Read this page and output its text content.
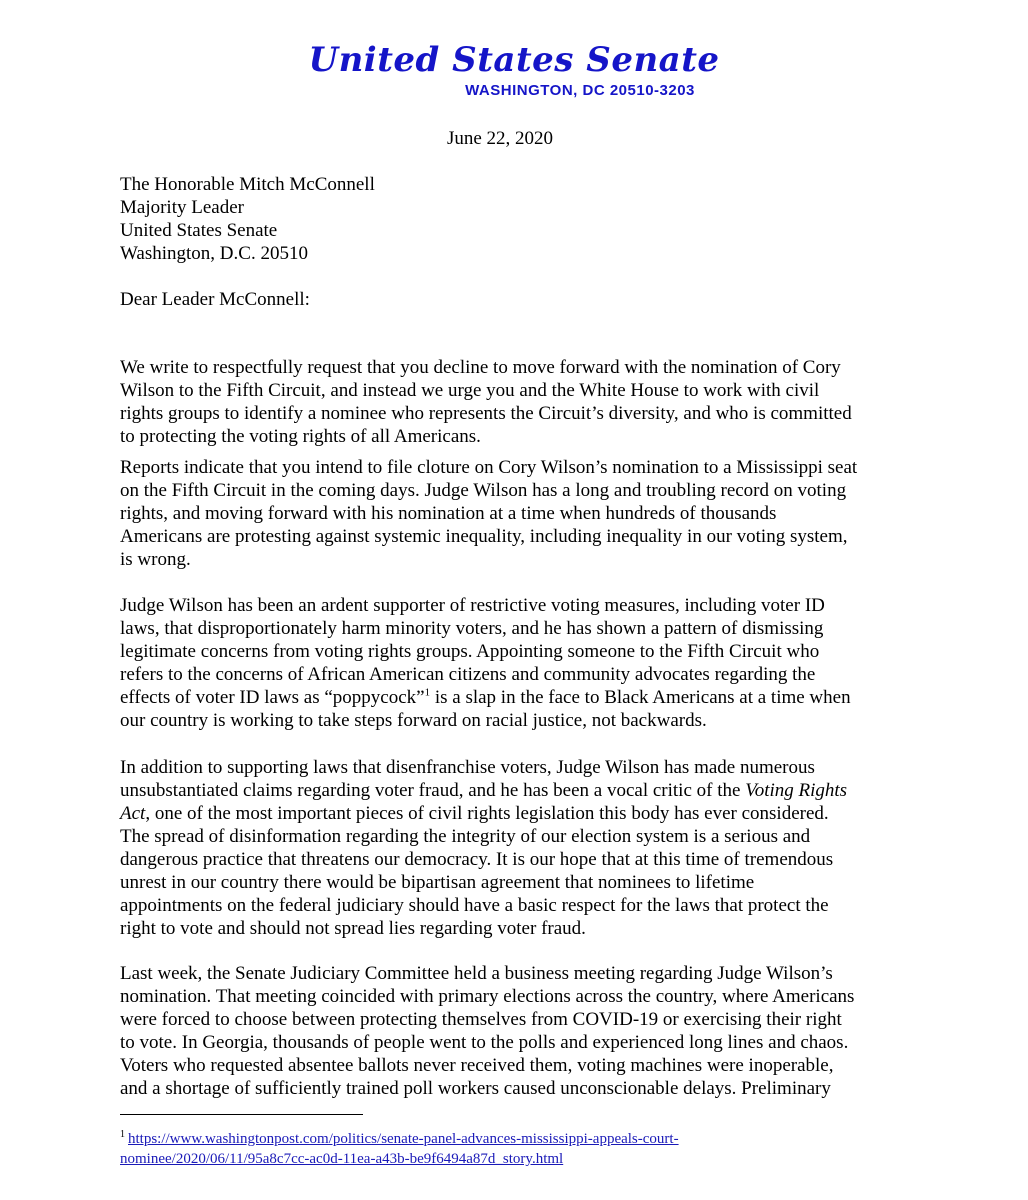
United States Senate
WASHINGTON, DC 20510-3203
June 22, 2020
The Honorable Mitch McConnell
Majority Leader
United States Senate
Washington, D.C. 20510
Dear Leader McConnell:

We write to respectfully request that you decline to move forward with the nomination of Cory
Wilson to the Fifth Circuit, and instead we urge you and the White House to work with civil
rights groups to identify a nominee who represents the Circuit’s diversity, and who is committed
to protecting the voting rights of all Americans.

Reports indicate that you intend to file cloture on Cory Wilson’s nomination to a Mississippi seat
on the Fifth Circuit in the coming days. Judge Wilson has a long and troubling record on voting
rights, and moving forward with his nomination at a time when hundreds of thousands
Americans are protesting against systemic inequality, including inequality in our voting system,
is wrong.

Judge Wilson has been an ardent supporter of restrictive voting measures, including voter ID
laws, that disproportionately harm minority voters, and he has shown a pattern of dismissing
legitimate concerns from voting rights groups. Appointing someone to the Fifth Circuit who
refers to the concerns of African American citizens and community advocates regarding the
effects of voter ID laws as “poppycock”$^1$ is a slap in the face to Black Americans at a time when
our country is working to take steps forward on racial justice, not backwards.

In addition to supporting laws that disenfranchise voters, Judge Wilson has made numerous
unsubstantiated claims regarding voter fraud, and he has been a vocal critic of the Voting Rights
Act, one of the most important pieces of civil rights legislation this body has ever considered.
The spread of disinformation regarding the integrity of our election system is a serious and
dangerous practice that threatens our democracy. It is our hope that at this time of tremendous
unrest in our country there would be bipartisan agreement that nominees to lifetime
appointments on the federal judiciary should have a basic respect for the laws that protect the
right to vote and should not spread lies regarding voter fraud.

Last week, the Senate Judiciary Committee held a business meeting regarding Judge Wilson’s
nomination. That meeting coincided with primary elections across the country, where Americans
were forced to choose between protecting themselves from COVID-19 or exercising their right
to vote. In Georgia, thousands of people went to the polls and experienced long lines and chaos.
Voters who requested absentee ballots never received them, voting machines were inoperable,
and a shortage of sufficiently trained poll workers caused unconscionable delays. Preliminary

$^1$ https://www.washingtonpost.com/politics/senate-panel-advances-mississippi-appeals-court-
nominee/2020/06/11/95a8c7cc-ac0d-11ea-a43b-be9f6494a87d_story.html
